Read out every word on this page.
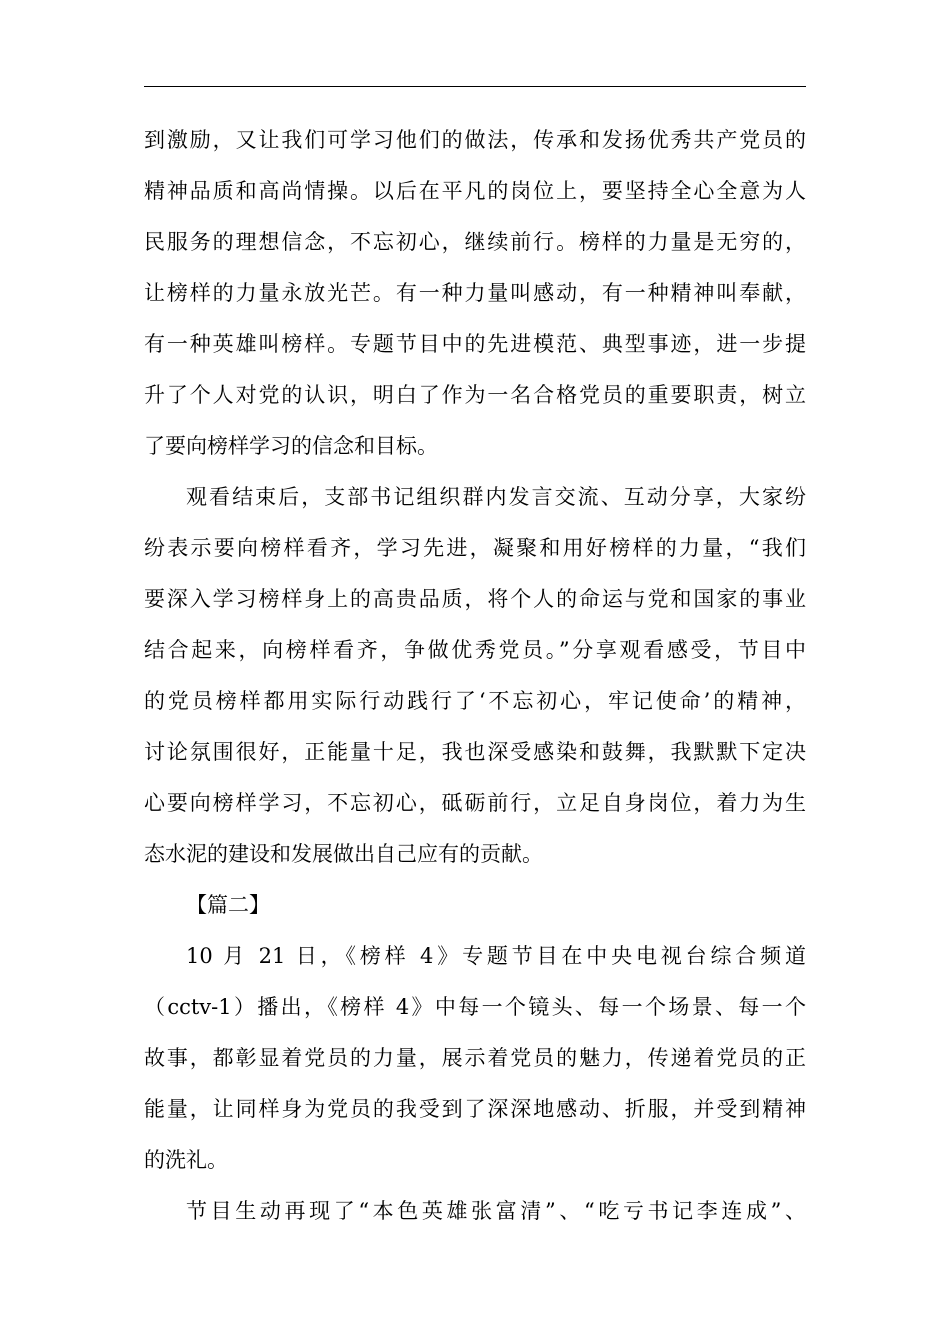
到激励，又让我们可学习他们的做法，传承和发扬优秀共产党员的
精神品质和高尚情操。以后在平凡的岗位上，要坚持全心全意为人
民服务的理想信念，不忘初心，继续前行。榜样的力量是无穷的，
让榜样的力量永放光芒。有一种力量叫感动，有一种精神叫奉献，
有一种英雄叫榜样。专题节目中的先进模范、典型事迹，进一步提
升了个人对党的认识，明白了作为一名合格党员的重要职责，树立
了要向榜样学习的信念和目标。
观看结束后，支部书记组织群内发言交流、互动分享，大家纷
纷表示要向榜样看齐，学习先进，凝聚和用好榜样的力量，“我们
要深入学习榜样身上的高贵品质，将个人的命运与党和国家的事业
结合起来，向榜样看齐，争做优秀党员。”分享观看感受，节目中
的党员榜样都用实际行动践行了‘不忘初心，牢记使命’的精神，
讨论氛围很好，正能量十足，我也深受感染和鼓舞，我默默下定决
心要向榜样学习，不忘初心，砥砺前行，立足自身岗位，着力为生
态水泥的建设和发展做出自己应有的贡献。
【篇二】
10 月 21 日，《榜样 4》专题节目在中央电视台综合频道
（cctv-1）播出，《榜样 4》中每一个镜头、每一个场景、每一个
故事，都彰显着党员的力量，展示着党员的魅力，传递着党员的正
能量，让同样身为党员的我受到了深深地感动、折服，并受到精神
的洗礼。
节目生动再现了“本色英雄张富清”、“吃亏书记李连成”、
